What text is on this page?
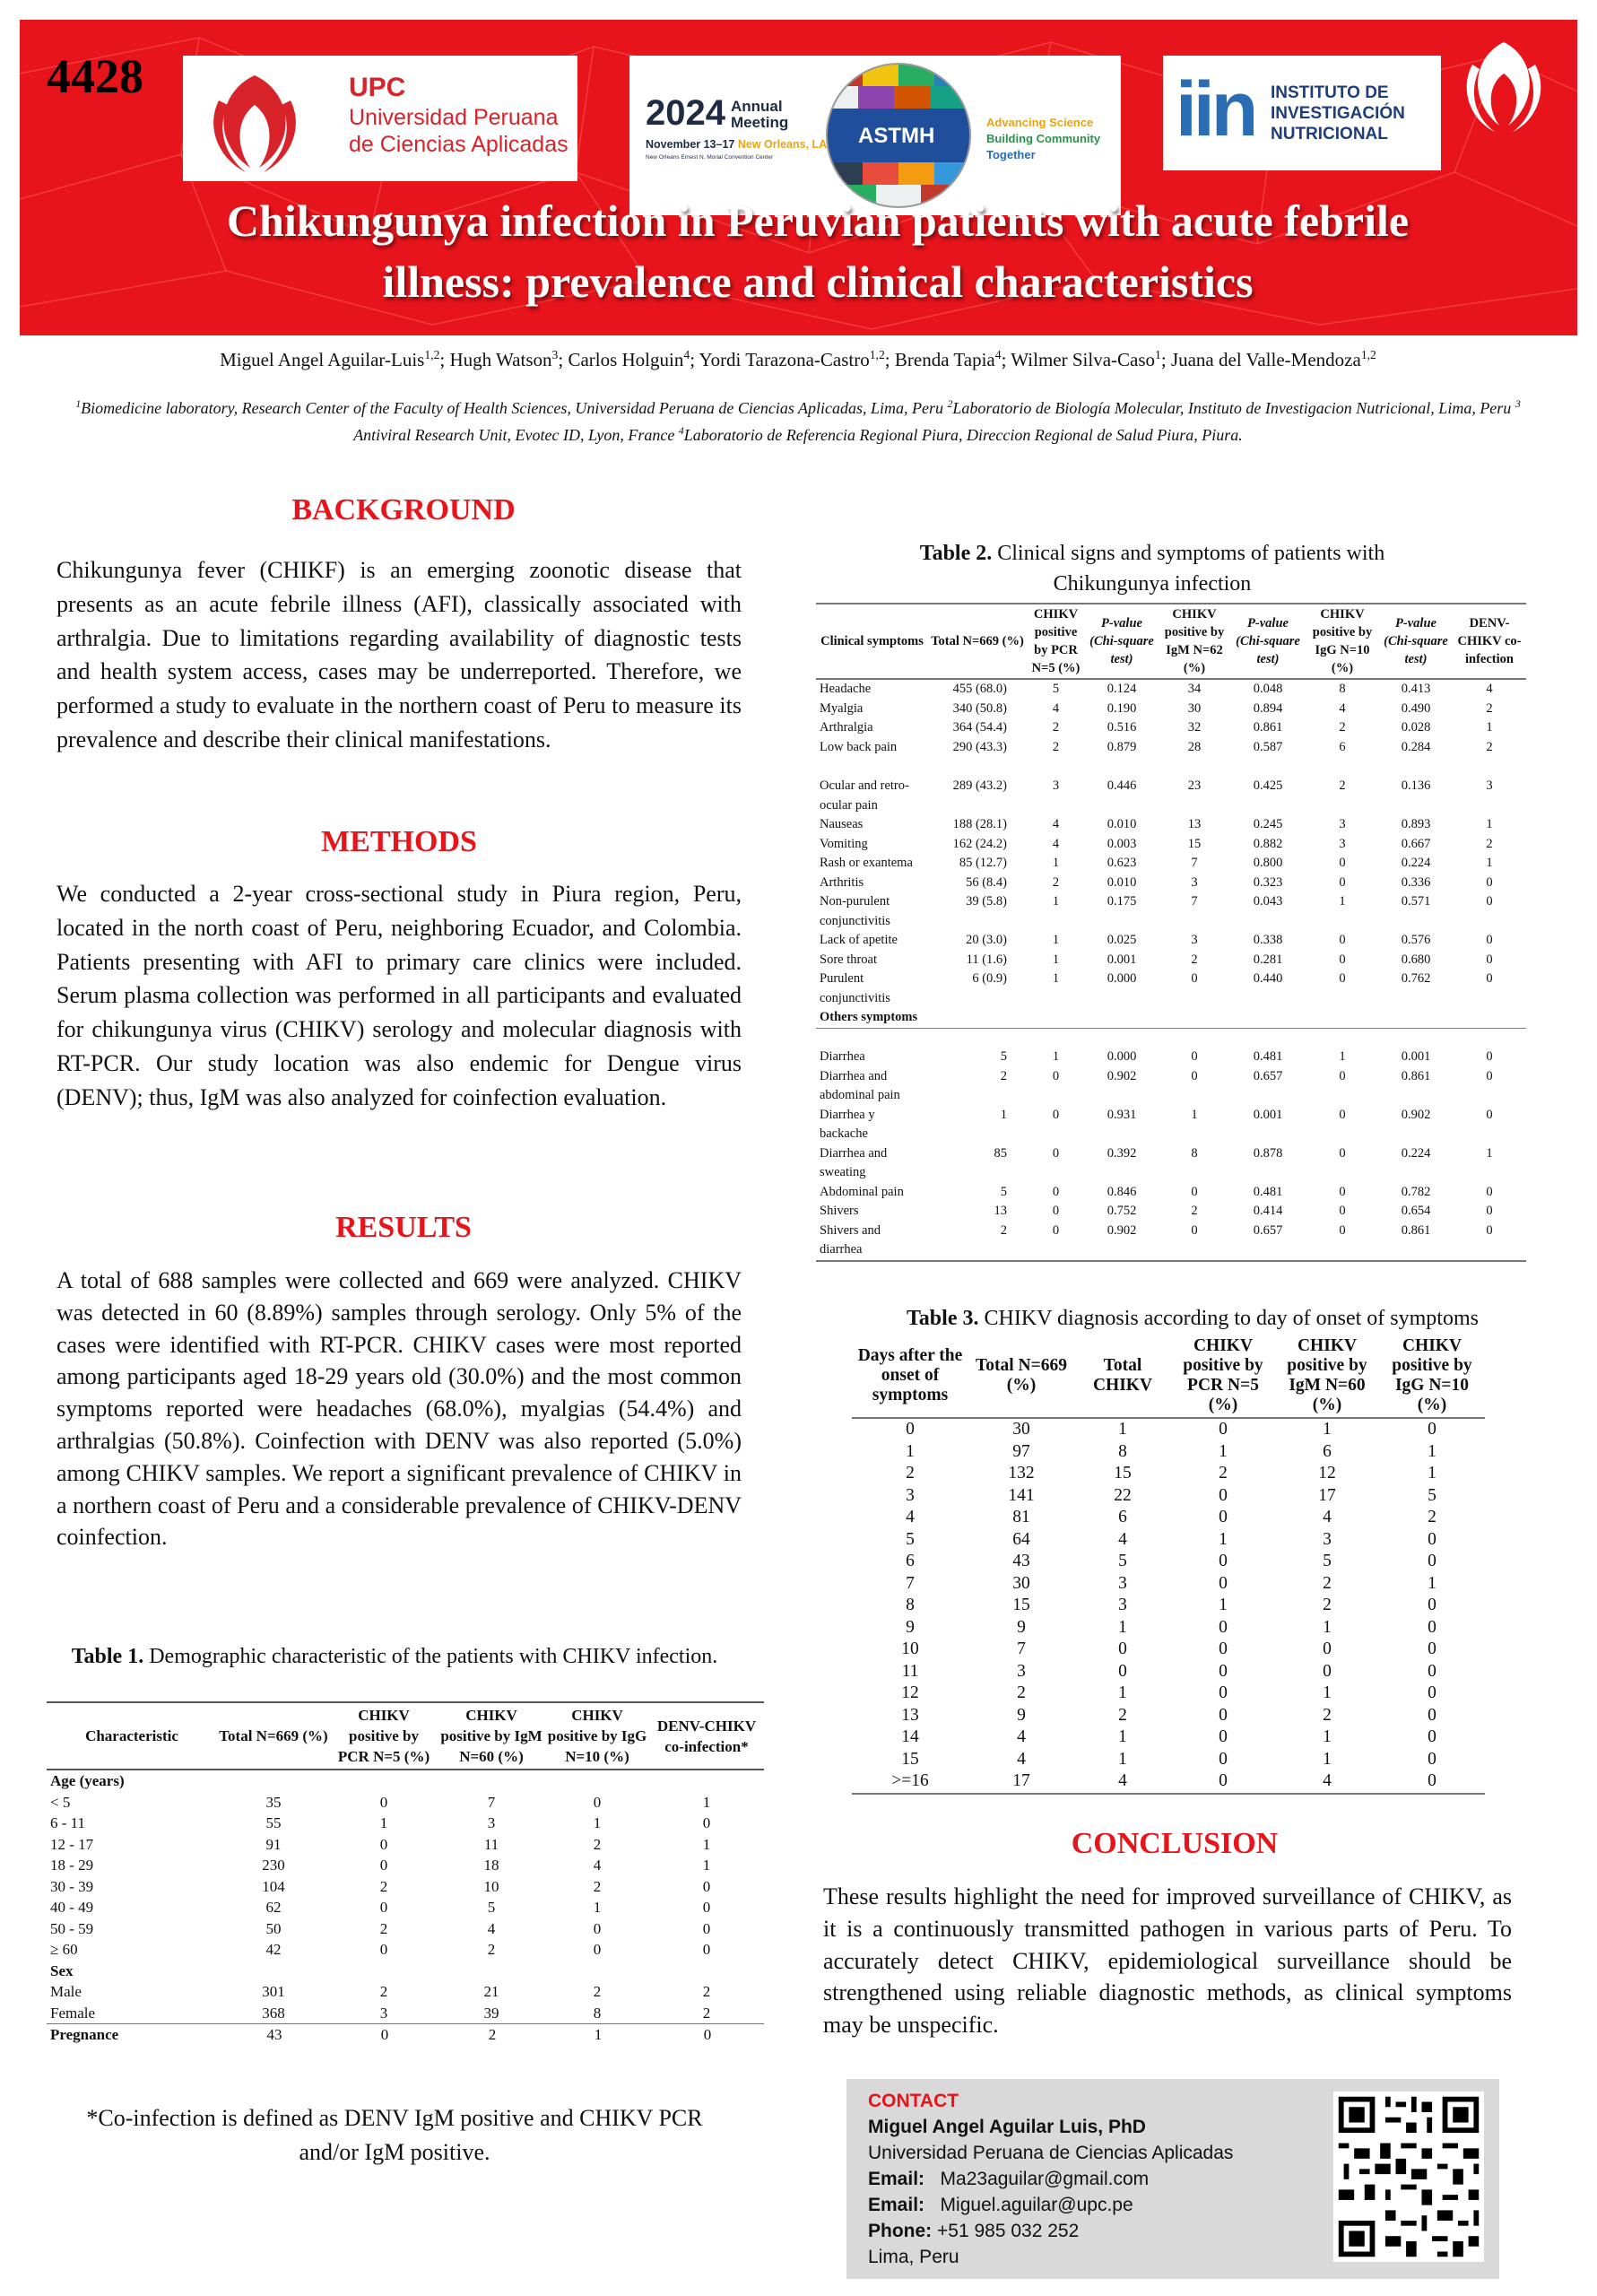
4428	UPC
Universidad Peruana
de Ciencias Aplicadas
2024 Annual
Meeting
November 13–17 New Orleans, LA
New Orleans Ernest N. Morial Convention Center
ASTMH
Advancing Science
Building Community
Together
iin INSTITUTO DE
INVESTIGACIÓN
NUTRICIONAL
Chikungunya infection in Peruvian patients with acute febrile
illness: prevalence and clinical characteristics
Miguel Angel Aguilar-Luis$^{1,2}$; Hugh Watson$^3$; Carlos Holguin$^4$; Yordi Tarazona-Castro$^{1,2}$; Brenda Tapia$^4$; Wilmer Silva-Caso$^1$; Juana del Valle-Mendoza$^{1,2}$
$^1$Biomedicine laboratory, Research Center of the Faculty of Health Sciences, Universidad Peruana de Ciencias Aplicadas, Lima, Peru $^2$Laboratorio de Biología Molecular, Instituto de Investigacion Nutricional, Lima, Peru $^3$ Antiviral Research Unit, Evotec ID, Lyon, France $^4$Laboratorio de Referencia Regional Piura, Direccion Regional de Salud Piura, Piura.
BACKGROUND
Chikungunya fever (CHIKF) is an emerging zoonotic disease that presents as an acute febrile illness (AFI), classically associated with arthralgia. Due to limitations regarding availability of diagnostic tests and health system access, cases may be underreported. Therefore, we performed a study to evaluate in the northern coast of Peru to measure its prevalence and describe their clinical manifestations.
METHODS
We conducted a 2-year cross-sectional study in Piura region, Peru, located in the north coast of Peru, neighboring Ecuador, and Colombia. Patients presenting with AFI to primary care clinics were included. Serum plasma collection was performed in all participants and evaluated for chikungunya virus (CHIKV) serology and molecular diagnosis with RT-PCR. Our study location was also endemic for Dengue virus (DENV); thus, IgM was also analyzed for coinfection evaluation.
RESULTS
A total of 688 samples were collected and 669 were analyzed. CHIKV was detected in 60 (8.89%) samples through serology. Only 5% of the cases were identified with RT-PCR. CHIKV cases were most reported among participants aged 18-29 years old (30.0%) and the most common symptoms reported were headaches (68.0%), myalgias (54.4%) and arthralgias (50.8%). Coinfection with DENV was also reported (5.0%) among CHIKV samples. We report a significant prevalence of CHIKV in a northern coast of Peru and a considerable prevalence of CHIKV-DENV coinfection.
Table 1. Demographic characteristic of the patients with CHIKV infection.
Characteristic	Total N=669 (%)	CHIKV positive by PCR N=5 (%)	CHIKV positive by IgM N=60 (%)	CHIKV positive by IgG N=10 (%)	DENV-CHIKV co-infection*
Age (years)					
< 5	35	0	7	0	1
6 - 11	55	1	3	1	0
12 - 17	91	0	11	2	1
18 - 29	230	0	18	4	1
30 - 39	104	2	10	2	0
40 - 49	62	0	5	1	0
50 - 59	50	2	4	0	0
≥ 60	42	0	2	0	0
Sex					
Male	301	2	21	2	2
Female	368	3	39	8	2
Pregnance	43	0	2	1	0
*Co-infection is defined as DENV IgM positive and CHIKV PCR and/or IgM positive.
Table 2. Clinical signs and symptoms of patients with Chikungunya infection
Clinical symptoms	Total N=669 (%)	CHIKV positive by PCR N=5 (%)	P-value (Chi-square test)	CHIKV positive by IgM N=62 (%)	P-value (Chi-square test)	CHIKV positive by IgG N=10 (%)	P-value (Chi-square test)	DENV-CHIKV co-infection
Headache	455 (68.0)	5	0.124	34	0.048	8	0.413	4
Myalgia	340 (50.8)	4	0.190	30	0.894	4	0.490	2
Arthralgia	364 (54.4)	2	0.516	32	0.861	2	0.028	1
Low back pain	290 (43.3)	2	0.879	28	0.587	6	0.284	2

Ocular and retro-ocular pain	289 (43.2)	3	0.446	23	0.425	2	0.136	3
Nauseas	188 (28.1)	4	0.010	13	0.245	3	0.893	1
Vomiting	162 (24.2)	4	0.003	15	0.882	3	0.667	2
Rash or exantema	85 (12.7)	1	0.623	7	0.800	0	0.224	1
Arthritis	56 (8.4)	2	0.010	3	0.323	0	0.336	0
Non-purulent conjunctivitis	39 (5.8)	1	0.175	7	0.043	1	0.571	0
Lack of apetite	20 (3.0)	1	0.025	3	0.338	0	0.576	0
Sore throat	11 (1.6)	1	0.001	2	0.281	0	0.680	0
Purulent conjunctivitis	6 (0.9)	1	0.000	0	0.440	0	0.762	0
Others symptoms								

Diarrhea	5	1	0.000	0	0.481	1	0.001	0
Diarrhea and abdominal pain	2	0	0.902	0	0.657	0	0.861	0
Diarrhea y backache	1	0	0.931	1	0.001	0	0.902	0
Diarrhea and sweating	85	0	0.392	8	0.878	0	0.224	1
Abdominal pain	5	0	0.846	0	0.481	0	0.782	0
Shivers	13	0	0.752	2	0.414	0	0.654	0
Shivers and diarrhea	2	0	0.902	0	0.657	0	0.861	0
Table 3. CHIKV diagnosis according to day of onset of symptoms
Days after the onset of symptoms	Total N=669 (%)	Total CHIKV	CHIKV positive by PCR N=5 (%)	CHIKV positive by IgM N=60 (%)	CHIKV positive by IgG N=10 (%)
0	30	1	0	1	0
1	97	8	1	6	1
2	132	15	2	12	1
3	141	22	0	17	5
4	81	6	0	4	2
5	64	4	1	3	0
6	43	5	0	5	0
7	30	3	0	2	1
8	15	3	1	2	0
9	9	1	0	1	0
10	7	0	0	0	0
11	3	0	0	0	0
12	2	1	0	1	0
13	9	2	0	2	0
14	4	1	0	1	0
15	4	1	0	1	0
>=16	17	4	0	4	0
CONCLUSION
These results highlight the need for improved surveillance of CHIKV, as it is a continuously transmitted pathogen in various parts of Peru. To accurately detect CHIKV, epidemiological surveillance should be strengthened using reliable diagnostic methods, as clinical symptoms may be unspecific.
CONTACT
Miguel Angel Aguilar Luis, PhD
Universidad Peruana de Ciencias Aplicadas
Email: Ma23aguilar@gmail.com
Email: Miguel.aguilar@upc.pe
Phone: +51 985 032 252
Lima, Peru
